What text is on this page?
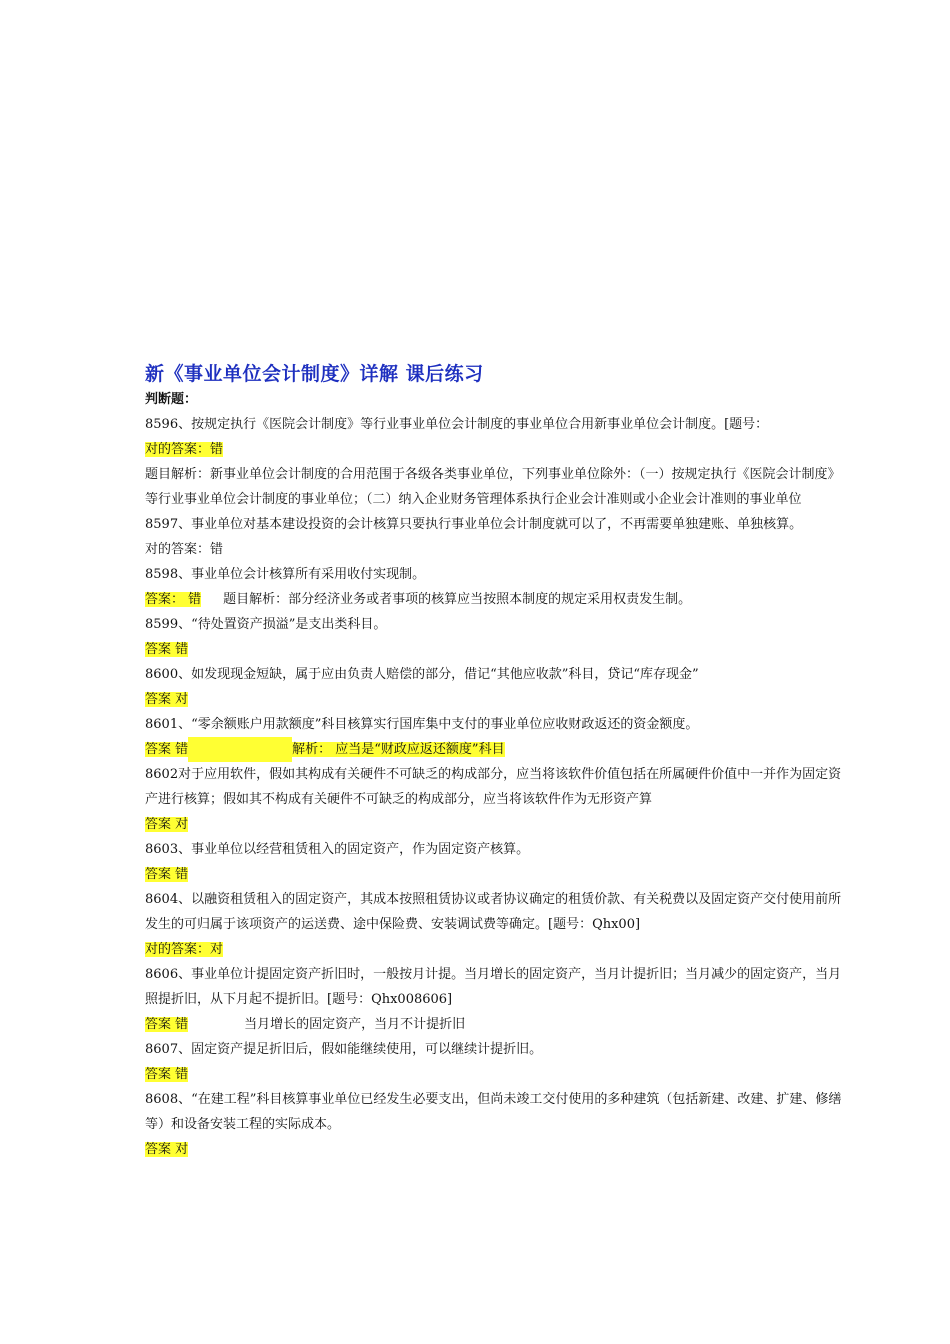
新《事业单位会计制度》详解 课后练习

判断题：

8596、按规定执行《医院会计制度》等行业事业单位会计制度的事业单位合用新事业单位会计制度。[题号：

对的答案：错

题目解析：新事业单位会计制度的合用范围于各级各类事业单位，下列事业单位除外：（一）按规定执行《医院会计制度》等行业事业单位会计制度的事业单位；（二）纳入企业财务管理体系执行企业会计准则或小企业会计准则的事业单位

8597、事业单位对基本建设投资的会计核算只要执行事业单位会计制度就可以了，不再需要单独建账、单独核算。

对的答案：错

8598、事业单位会计核算所有采用收付实现制。

答案： 错 题目解析：部分经济业务或者事项的核算应当按照本制度的规定采用权责发生制。

8599、“待处置资产损溢”是支出类科目。

答案 错

8600、如发现现金短缺，属于应由负责人赔偿的部分，借记“其他应收款”科目，贷记“库存现金”

答案 对

8601、“零余额账户用款额度”科目核算实行国库集中支付的事业单位应收财政返还的资金额度。

答案 错	解析： 应当是“财政应返还额度”科目

8602对于应用软件，假如其构成有关硬件不可缺乏的构成部分，应当将该软件价值包括在所属硬件价值中一并作为固定资产进行核算；假如其不构成有关硬件不可缺乏的构成部分，应当将该软件作为无形资产算

答案 对

8603、事业单位以经营租赁租入的固定资产，作为固定资产核算。

答案 错

8604、以融资租赁租入的固定资产，其成本按照租赁协议或者协议确定的租赁价款、有关税费以及固定资产交付使用前所发生的可归属于该项资产的运送费、途中保险费、安装调试费等确定。[题号：Qhx00]

对的答案：对

8606、事业单位计提固定资产折旧时，一般按月计提。当月增长的固定资产，当月计提折旧；当月减少的固定资产，当月照提折旧，从下月起不提折旧。[题号：Qhx008606]

答案 错	当月增长的固定资产，当月不计提折旧

8607、固定资产提足折旧后，假如能继续使用，可以继续计提折旧。

答案 错

8608、“在建工程”科目核算事业单位已经发生必要支出，但尚未竣工交付使用的多种建筑（包括新建、改建、扩建、修缮等）和设备安装工程的实际成本。

答案 对
